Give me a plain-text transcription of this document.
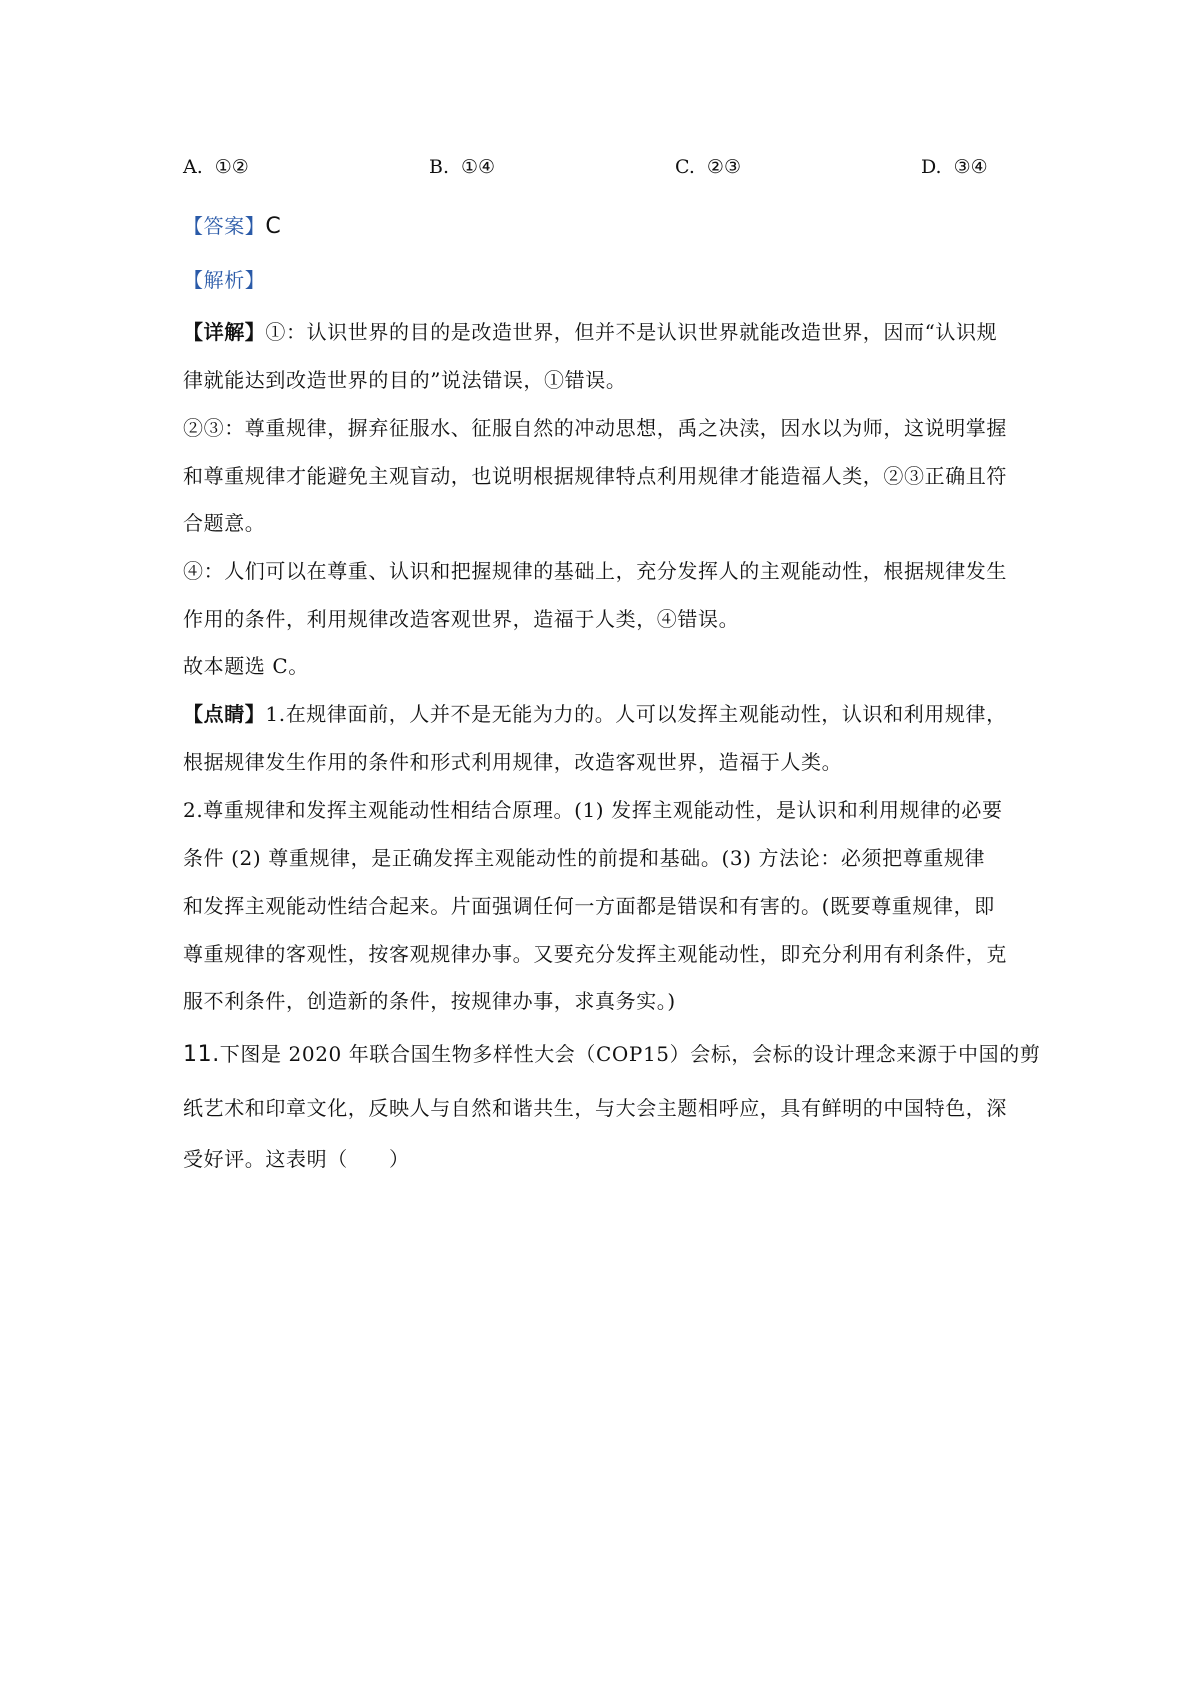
A. ①②	B. ①④	C. ②③	D. ③④
【答案】C
【解析】
【详解】①：认识世界的目的是改造世界，但并不是认识世界就能改造世界，因而“认识规
律就能达到改造世界的目的”说法错误，①错误。
②③：尊重规律，摒弃征服水、征服自然的冲动思想，禹之决渎，因水以为师，这说明掌握
和尊重规律才能避免主观盲动，也说明根据规律特点利用规律才能造福人类，②③正确且符
合题意。
④：人们可以在尊重、认识和把握规律的基础上，充分发挥人的主观能动性，根据规律发生
作用的条件，利用规律改造客观世界，造福于人类，④错误。
故本题选 C。
【点睛】1.在规律面前，人并不是无能为力的。人可以发挥主观能动性，认识和利用规律，
根据规律发生作用的条件和形式利用规律，改造客观世界，造福于人类。
2.尊重规律和发挥主观能动性相结合原理。(1) 发挥主观能动性，是认识和利用规律的必要
条件 (2) 尊重规律，是正确发挥主观能动性的前提和基础。(3) 方法论：必须把尊重规律
和发挥主观能动性结合起来。片面强调任何一方面都是错误和有害的。(既要尊重规律，即
尊重规律的客观性，按客观规律办事。又要充分发挥主观能动性，即充分利用有利条件，克
服不利条件，创造新的条件，按规律办事，求真务实。)
11.下图是 2020 年联合国生物多样性大会（COP15）会标，会标的设计理念来源于中国的剪
纸艺术和印章文化，反映人与自然和谐共生，与大会主题相呼应，具有鲜明的中国特色，深
受好评。这表明（　　）
